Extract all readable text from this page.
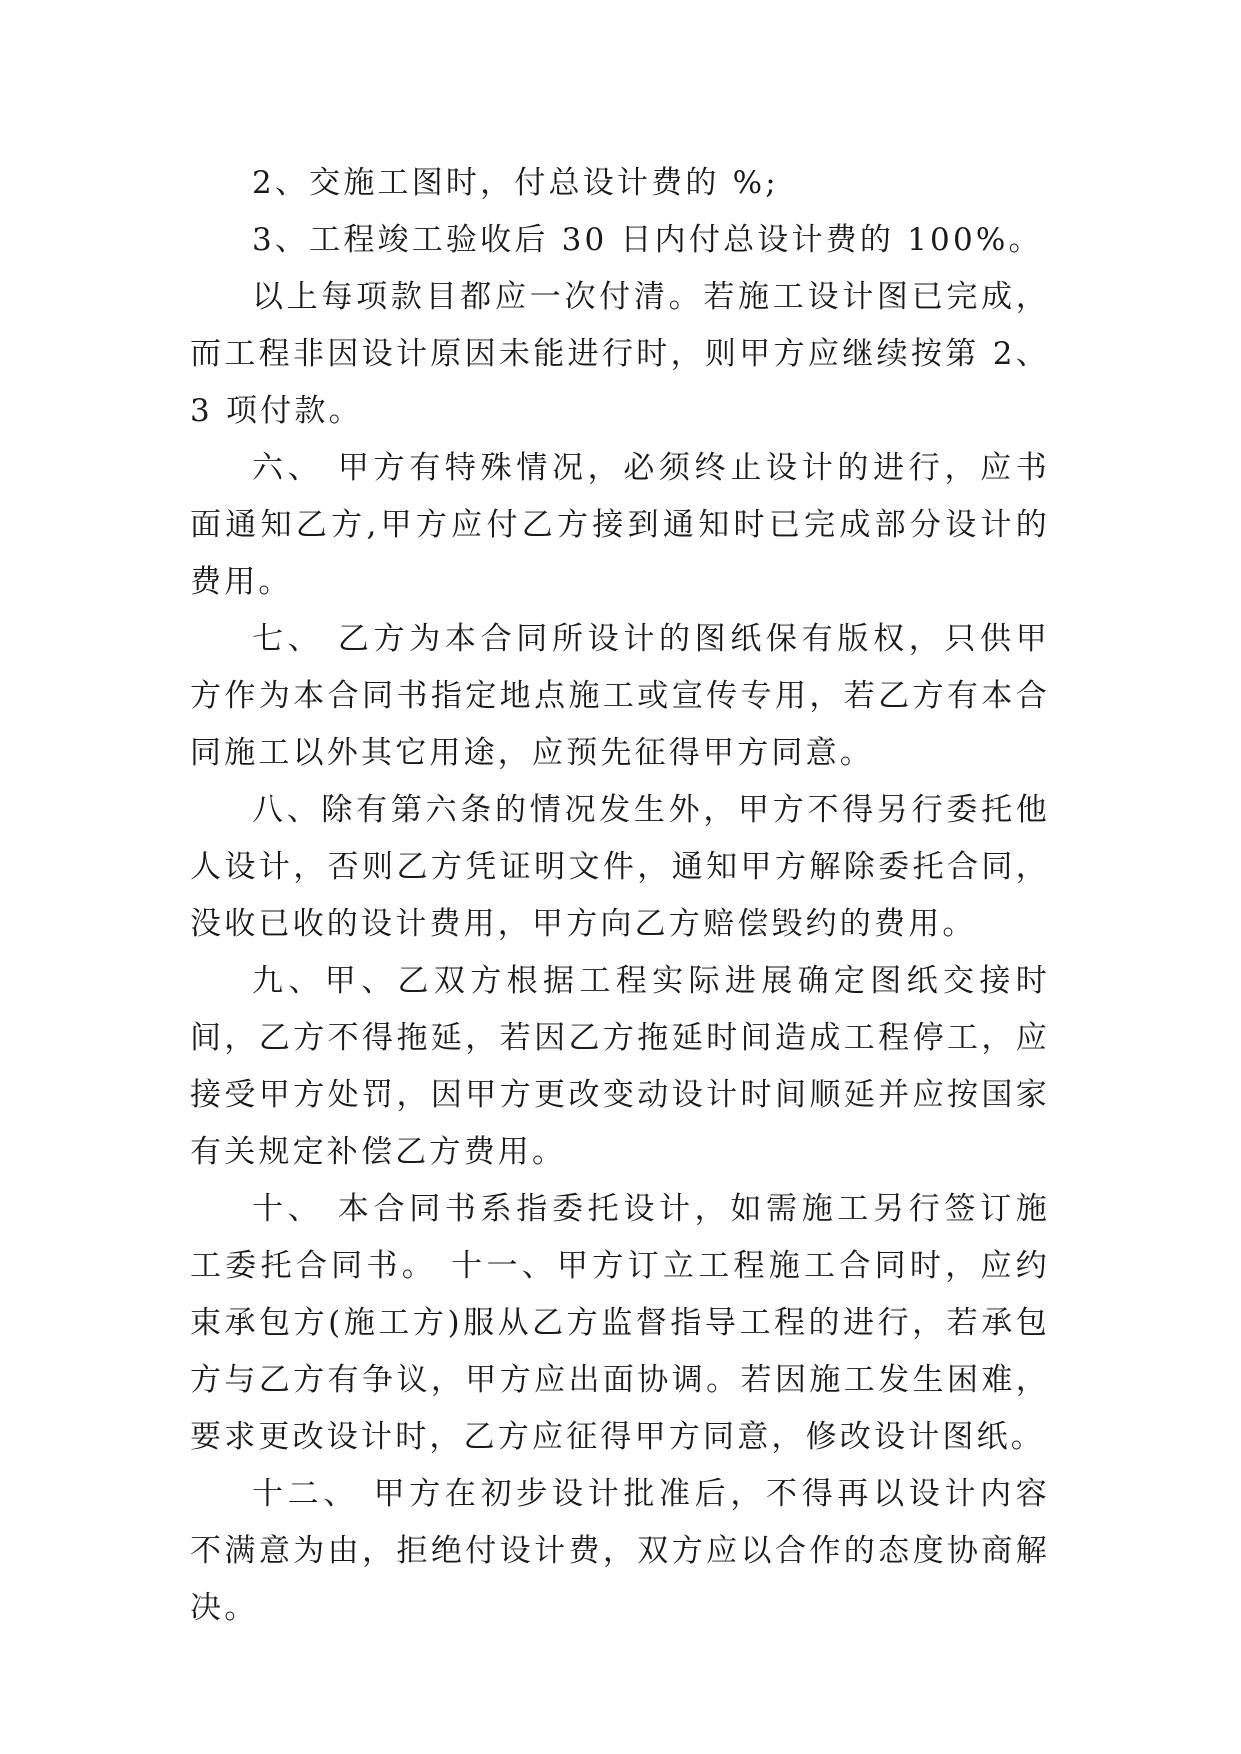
2、交施工图时，付总设计费的 %;

3、工程竣工验收后 30 日内付总设计费的 100%。

以上每项款目都应一次付清。若施工设计图已完成，而工程非因设计原因未能进行时，则甲方应继续按第 2、3 项付款。

六、 甲方有特殊情况，必须终止设计的进行，应书面通知乙方,甲方应付乙方接到通知时已完成部分设计的费用。

七、 乙方为本合同所设计的图纸保有版权，只供甲方作为本合同书指定地点施工或宣传专用，若乙方有本合同施工以外其它用途，应预先征得甲方同意。

八、除有第六条的情况发生外，甲方不得另行委托他人设计，否则乙方凭证明文件，通知甲方解除委托合同，没收已收的设计费用，甲方向乙方赔偿毁约的费用。

九、甲、乙双方根据工程实际进展确定图纸交接时间，乙方不得拖延，若因乙方拖延时间造成工程停工，应接受甲方处罚，因甲方更改变动设计时间顺延并应按国家有关规定补偿乙方费用。

十、 本合同书系指委托设计，如需施工另行签订施工委托合同书。 十一、甲方订立工程施工合同时，应约束承包方(施工方)服从乙方监督指导工程的进行，若承包方与乙方有争议，甲方应出面协调。若因施工发生困难，要求更改设计时，乙方应征得甲方同意，修改设计图纸。

十二、 甲方在初步设计批准后，不得再以设计内容不满意为由，拒绝付设计费，双方应以合作的态度协商解决。
